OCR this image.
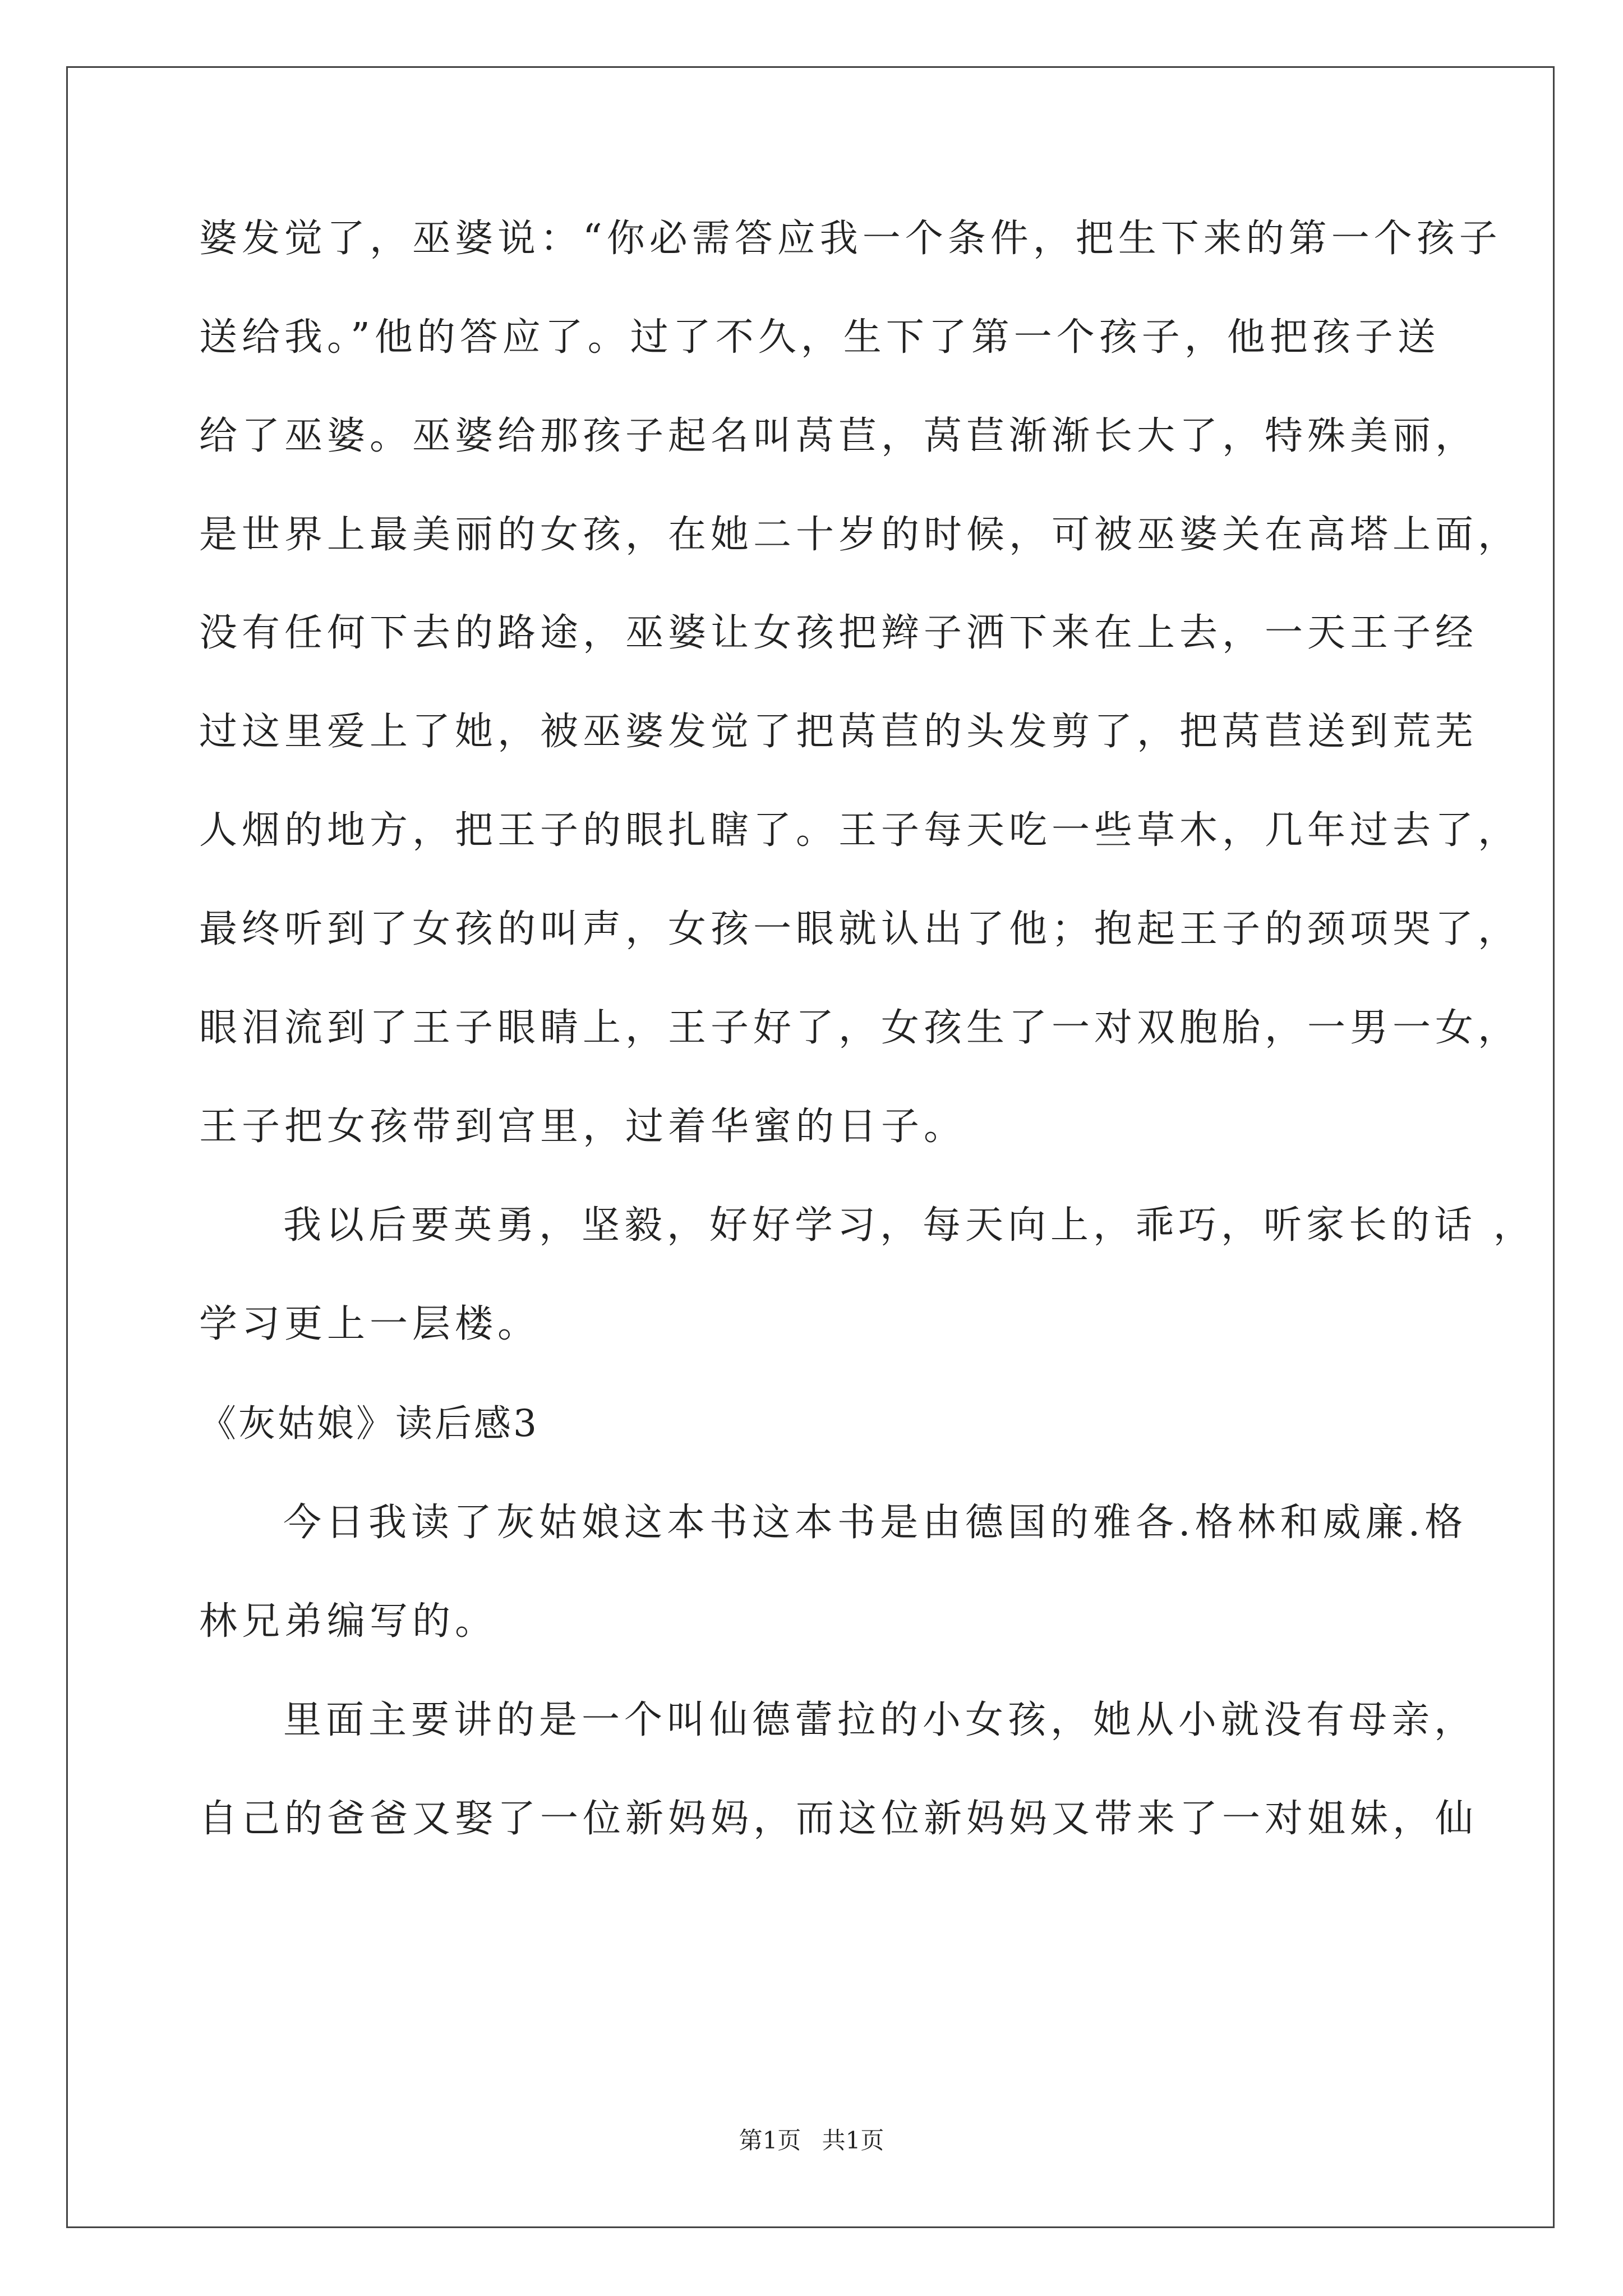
婆发觉了，巫婆说：“你必需答应我一个条件，把生下来的第一个孩子
送给我。”他的答应了。过了不久，生下了第一个孩子，他把孩子送
给了巫婆。巫婆给那孩子起名叫莴苣，莴苣渐渐长大了，特殊美丽，
是世界上最美丽的女孩，在她二十岁的时候，可被巫婆关在高塔上面，
没有任何下去的路途，巫婆让女孩把辫子洒下来在上去，一天王子经
过这里爱上了她，被巫婆发觉了把莴苣的头发剪了，把莴苣送到荒芜
人烟的地方，把王子的眼扎瞎了。王子每天吃一些草木，几年过去了，
最终听到了女孩的叫声，女孩一眼就认出了他；抱起王子的颈项哭了，
眼泪流到了王子眼睛上，王子好了，女孩生了一对双胞胎，一男一女，
王子把女孩带到宫里，过着华蜜的日子。
我以后要英勇，坚毅，好好学习，每天向上，乖巧，听家长的话 ，
学习更上一层楼。
《灰姑娘》读后感3
今日我读了灰姑娘这本书这本书是由德国的雅各.格林和威廉.格
林兄弟编写的。
里面主要讲的是一个叫仙德蕾拉的小女孩，她从小就没有母亲，
自己的爸爸又娶了一位新妈妈，而这位新妈妈又带来了一对姐妹，仙
第1页 共1页
